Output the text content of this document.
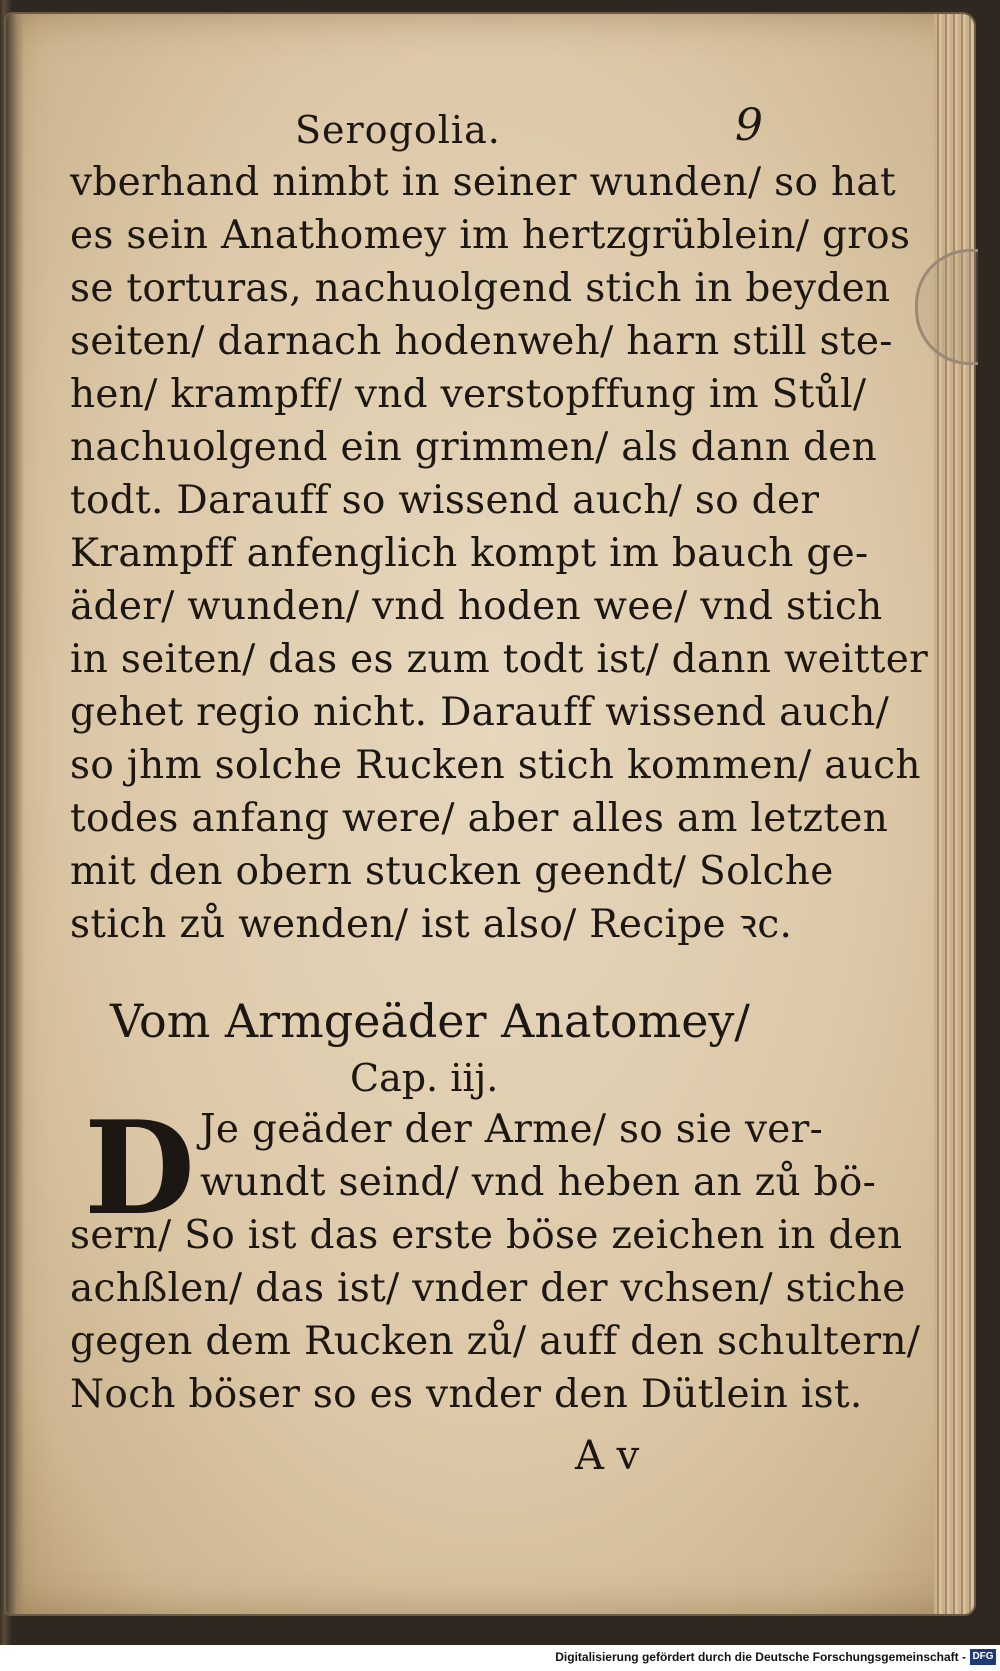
Serogolia.	9
vberhand nimbt in seiner wunden/ so hat
es sein Anathomey im hertzgrüblein/ gros
se torturas, nachuolgend stich in beyden
seiten/ darnach hodenweh/ harn still ste-
hen/ krampff/ vnd verstopffung im Stůl/
nachuolgend ein grimmen/ als dann den
todt. Darauff so wissend auch/ so der
Krampff anfenglich kompt im bauch ge-
äder/ wunden/ vnd hoden wee/ vnd stich
in seiten/ das es zum todt ist/ dann weitter
gehet regio nicht. Darauff wissend auch/
so jhm solche Rucken stich kommen/ auch
todes anfang were/ aber alles am letzten
mit den obern stucken geendt/ Solche
stich zů wenden/ ist also/ Recipe ꝛc.
Vom Armgeäder Anatomey/
Cap. iij.
D Je geäder der Arme/ so sie ver-
wundt seind/ vnd heben an zů bö-
sern/ So ist das erste böse zeichen in den
achßlen/ das ist/ vnder der vchsen/ stiche
gegen dem Rucken zů/ auff den schultern/
Noch böser so es vnder den Dütlein ist.
A v
Digitalisierung gefördert durch die Deutsche Forschungsgemeinschaft - DFG
